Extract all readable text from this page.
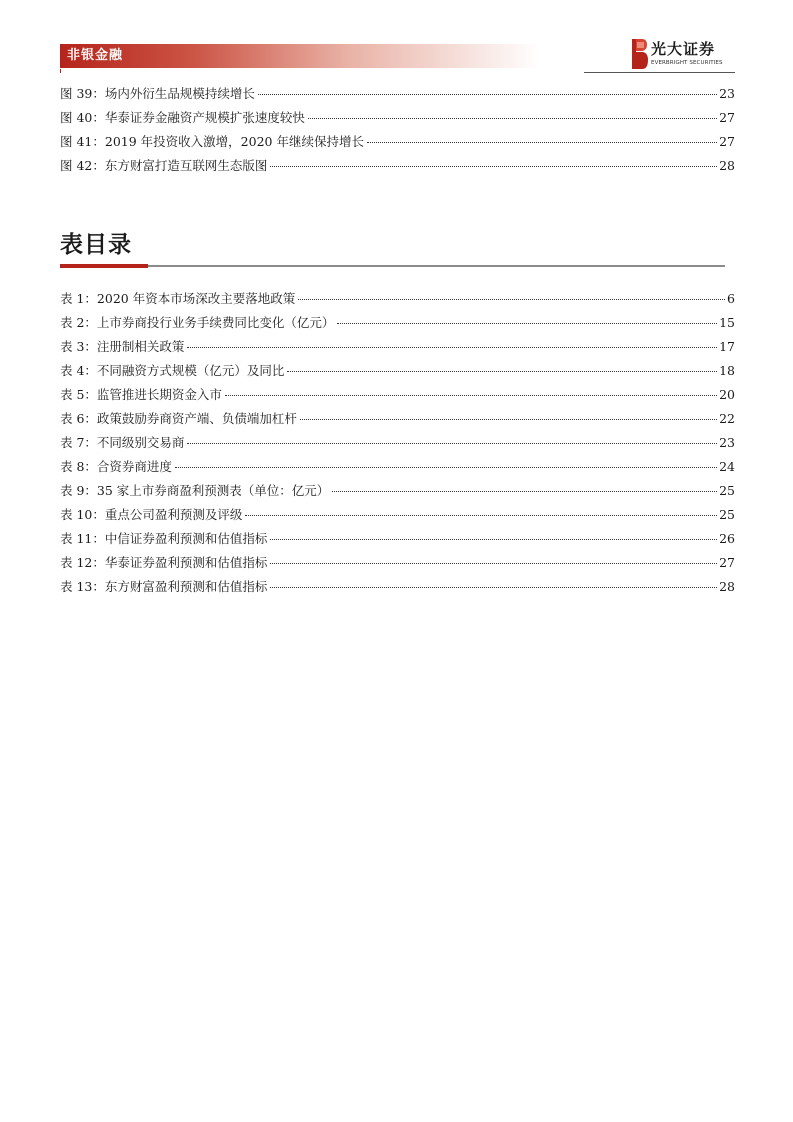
非银金融	光大证券
EVERBRIGHT SECURITIES
图 39：场内外衍生品规模持续增长	23
图 40：华泰证券金融资产规模扩张速度较快	27
图 41：2019 年投资收入激增，2020 年继续保持增长	27
图 42：东方财富打造互联网生态版图	28
表目录
表 1：2020 年资本市场深改主要落地政策	6
表 2：上市券商投行业务手续费同比变化（亿元）	15
表 3：注册制相关政策	17
表 4：不同融资方式规模（亿元）及同比	18
表 5：监管推进长期资金入市	20
表 6：政策鼓励券商资产端、负债端加杠杆	22
表 7：不同级别交易商	23
表 8：合资券商进度	24
表 9：35 家上市券商盈利预测表（单位：亿元）	25
表 10：重点公司盈利预测及评级	25
表 11：中信证券盈利预测和估值指标	26
表 12：华泰证券盈利预测和估值指标	27
表 13：东方财富盈利预测和估值指标	28
